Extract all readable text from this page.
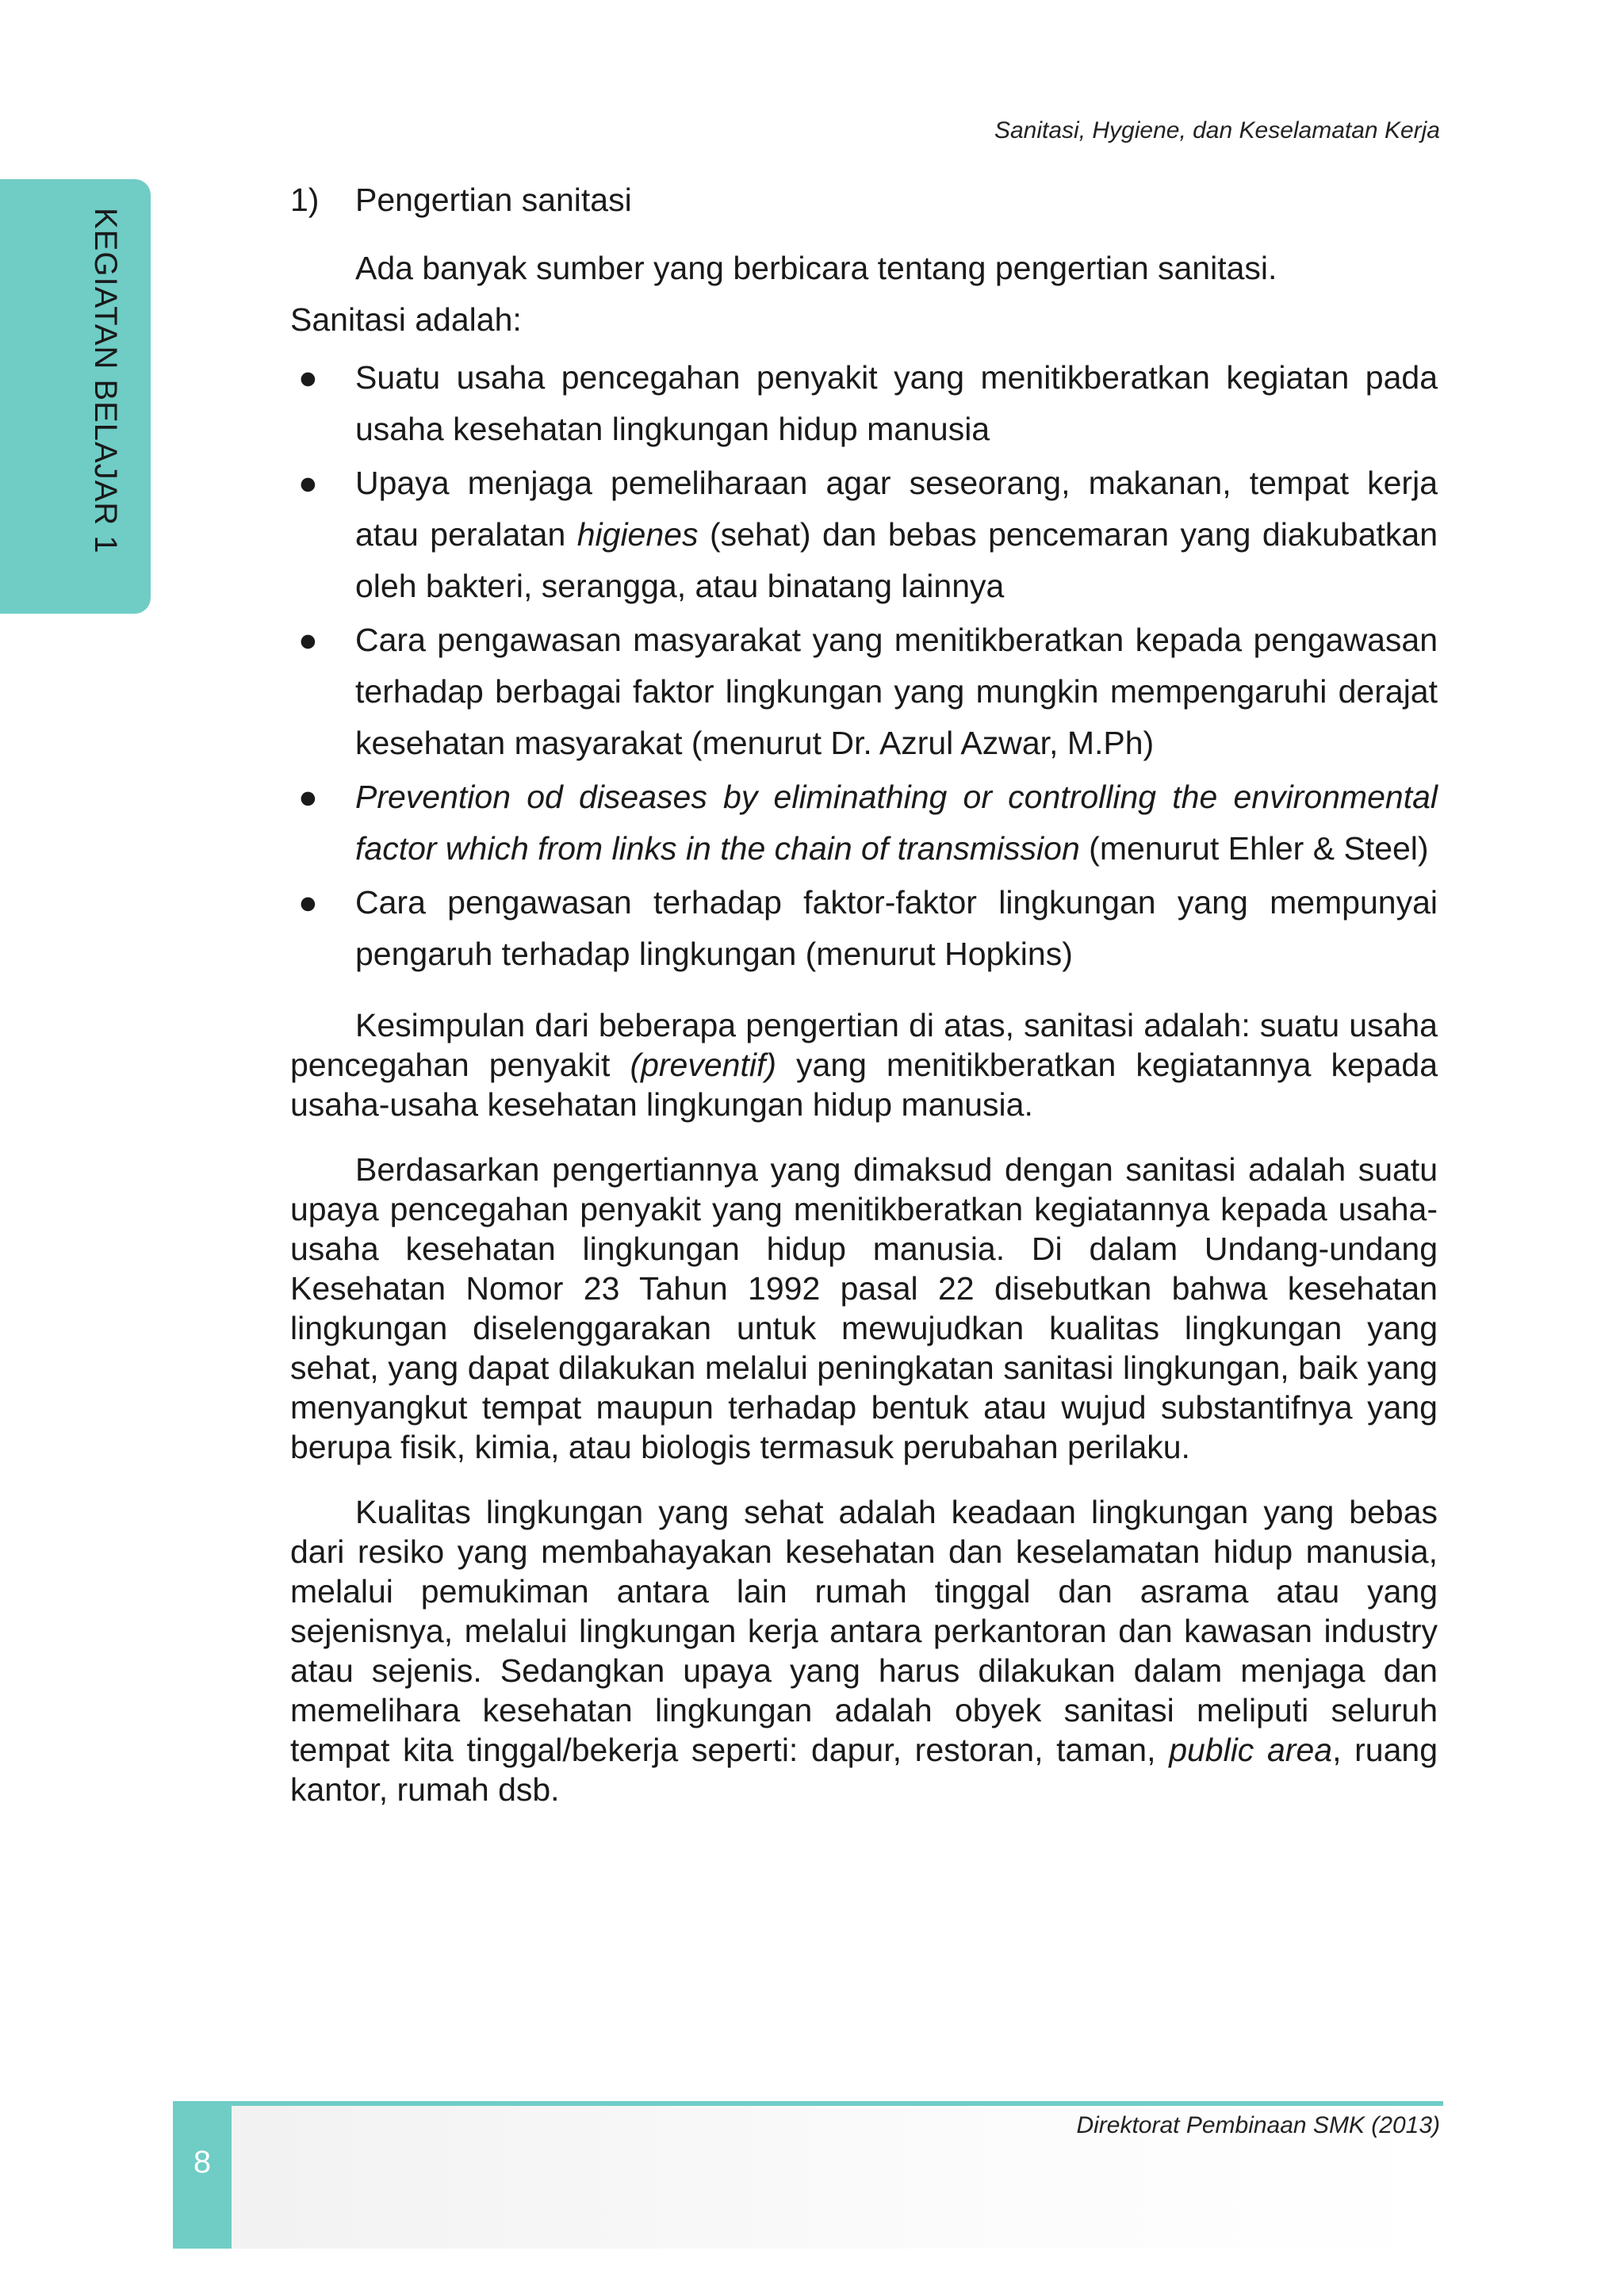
Sanitasi, Hygiene, dan Keselamatan Kerja
KEGIATAN BELAJAR 1
1)	Pengertian sanitasi

Ada banyak sumber yang berbicara tentang pengertian sanitasi.

Sanitasi adalah:

● Suatu usaha pencegahan penyakit yang menitikberatkan kegiatan pada usaha kesehatan lingkungan hidup manusia
● Upaya menjaga pemeliharaan agar seseorang, makanan, tempat kerja atau peralatan higienes (sehat) dan bebas pencemaran yang diakubatkan oleh bakteri, serangga, atau binatang lainnya
● Cara pengawasan masyarakat yang menitikberatkan kepada pengawasan terhadap berbagai faktor lingkungan yang mungkin mempengaruhi derajat kesehatan masyarakat (menurut Dr. Azrul Azwar, M.Ph)
● Prevention od diseases by eliminathing or controlling the environmental factor which from links in the chain of transmission (menurut Ehler & Steel)
● Cara pengawasan terhadap faktor-faktor lingkungan yang mempunyai pengaruh terhadap lingkungan (menurut Hopkins)

Kesimpulan dari beberapa pengertian di atas, sanitasi adalah: suatu usaha pencegahan penyakit (preventif) yang menitikberatkan kegiatannya kepada usaha-usaha kesehatan lingkungan hidup manusia.

Berdasarkan pengertiannya yang dimaksud dengan sanitasi adalah suatu upaya pencegahan penyakit yang menitikberatkan kegiatannya kepada usaha-usaha kesehatan lingkungan hidup manusia. Di dalam Undang-undang Kesehatan Nomor 23 Tahun 1992 pasal 22 disebutkan bahwa kesehatan lingkungan diselenggarakan untuk mewujudkan kualitas lingkungan yang sehat, yang dapat dilakukan melalui peningkatan sanitasi lingkungan, baik yang menyangkut tempat maupun terhadap bentuk atau wujud substantifnya yang berupa fisik, kimia, atau biologis termasuk perubahan perilaku.

Kualitas lingkungan yang sehat adalah keadaan lingkungan yang bebas dari resiko yang membahayakan kesehatan dan keselamatan hidup manusia, melalui pemukiman antara lain rumah tinggal dan asrama atau yang sejenisnya, melalui lingkungan kerja antara perkantoran dan kawasan industry atau sejenis. Sedangkan upaya yang harus dilakukan dalam menjaga dan memelihara kesehatan lingkungan adalah obyek sanitasi meliputi seluruh tempat kita tinggal/bekerja seperti: dapur, restoran, taman, public area, ruang kantor, rumah dsb.

8
Direktorat Pembinaan SMK (2013)
